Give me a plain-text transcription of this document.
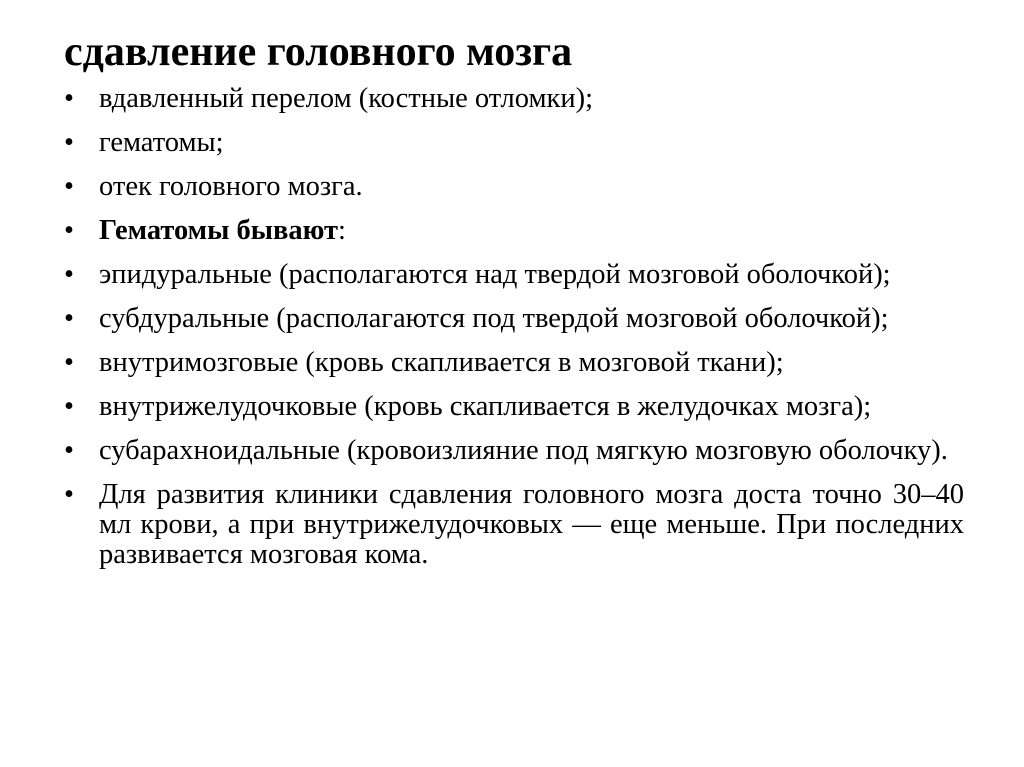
сдавление головного мозга
• вдавленный перелом (костные отломки);
• гематомы;
• отек головного мозга.
• Гематомы бывают:
• эпидуральные (располагаются над твердой мозговой оболочкой);
• субдуральные (располагаются под твердой мозговой оболочкой);
• внутримозговые (кровь скапливается в мозговой ткани);
• внутрижелудочковые (кровь скапливается в желудочках мозга);
• субарахноидальные (кровоизлияние под мягкую мозговую оболочку).
• Для развития клиники сдавления головного мозга доста точно 30–40 мл крови, а при внутрижелудочковых — еще меньше. При последних развивается мозговая кома.
